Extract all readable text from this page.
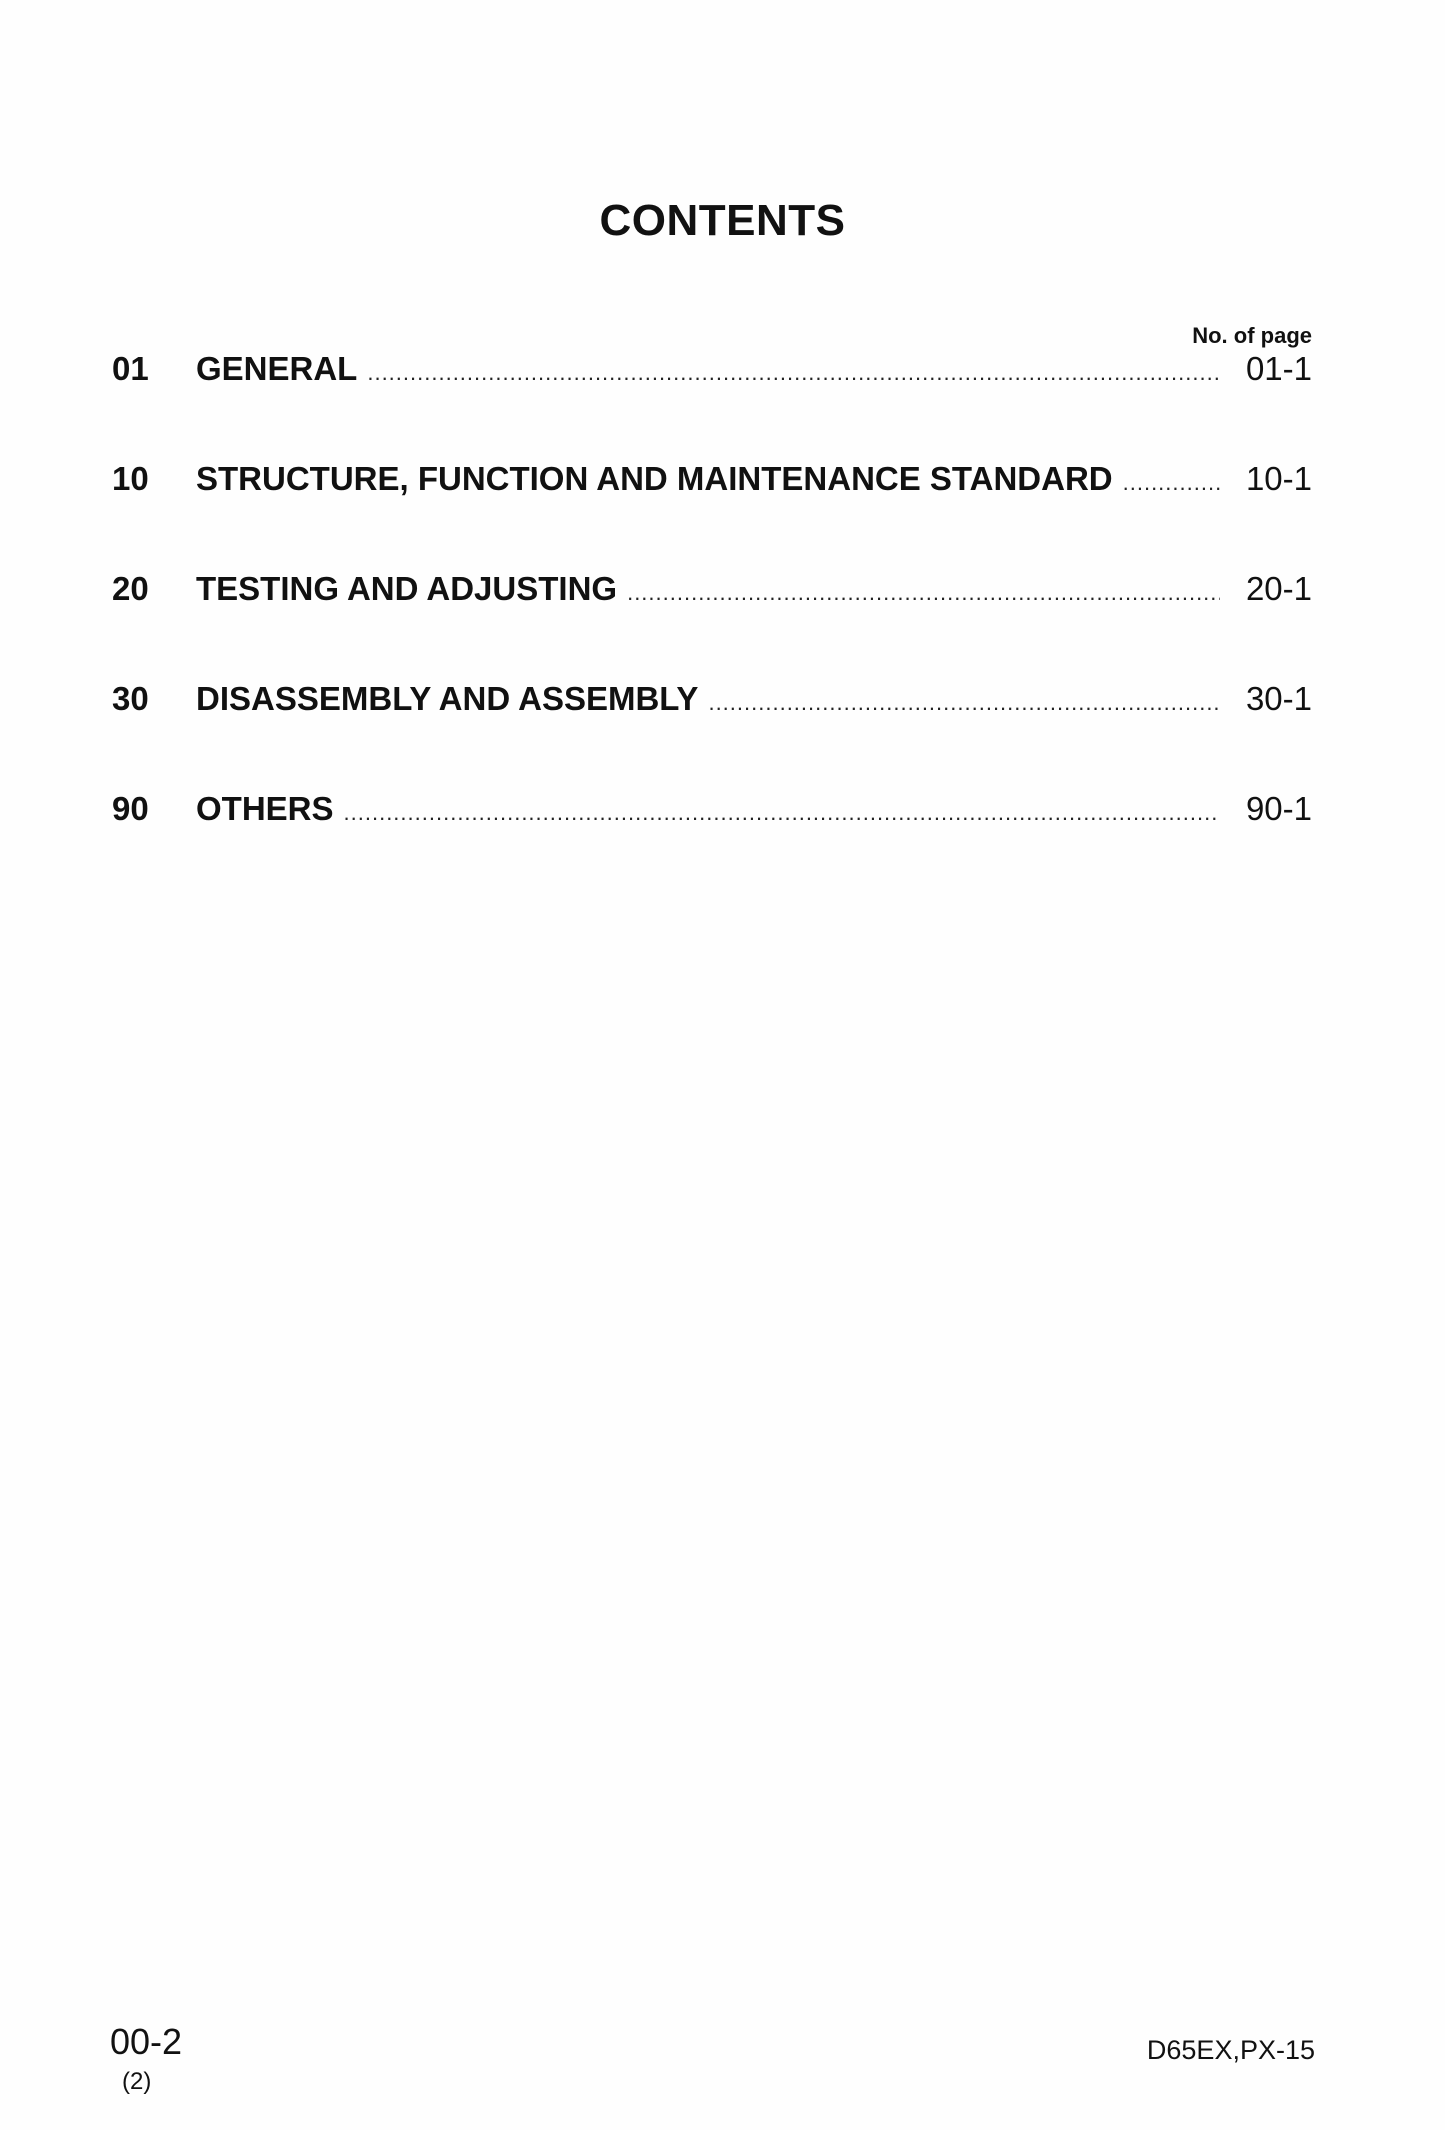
CONTENTS
No. of page
01	GENERAL .....	01-1
10	STRUCTURE, FUNCTION AND MAINTENANCE STANDARD .....	10-1
20	TESTING AND ADJUSTING .....	20-1
30	DISASSEMBLY AND ASSEMBLY .....	30-1
90	OTHERS .....	90-1
00-2
(2)
D65EX,PX-15
